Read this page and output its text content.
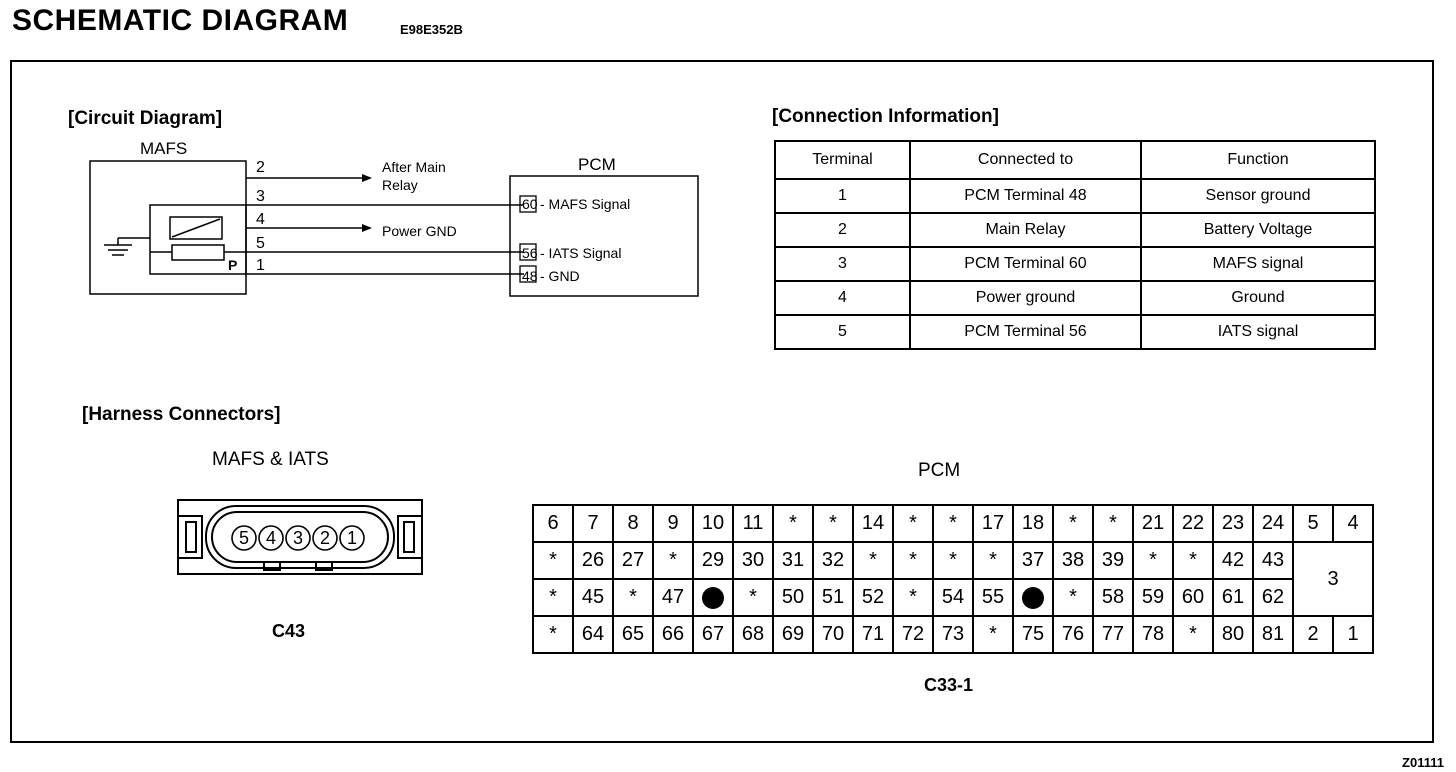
SCHEMATIC DIAGRAM	E98E352B
[Circuit Diagram]
MAFS
2
3
4
5
1
P
After Main
Relay
Power GND
PCM
60 - MAFS Signal
56 - IATS Signal
48 - GND
[Connection Information]
Terminal	Connected to	Function
1	PCM Terminal 48	Sensor ground
2	Main Relay	Battery Voltage
3	PCM Terminal 60	MAFS signal
4	Power ground	Ground
5	PCM Terminal 56	IATS signal
[Harness Connectors]
MAFS & IATS
5 4 3 2 1
C43
PCM
6	7	8	9	10	11	*	*	14	*	*	17	18	*	*	21	22	23	24	5	4
*	26	27	*	29	30	31	32	*	*	*	*	37	38	39	*	*	42	43	3	
*	45	*	47		*	50	51	52	*	54	55		*	58	59	60	61	62		
*	64	65	66	67	68	69	70	71	72	73	*	75	76	77	78	*	80	81	2	1
C33-1
Z01111
